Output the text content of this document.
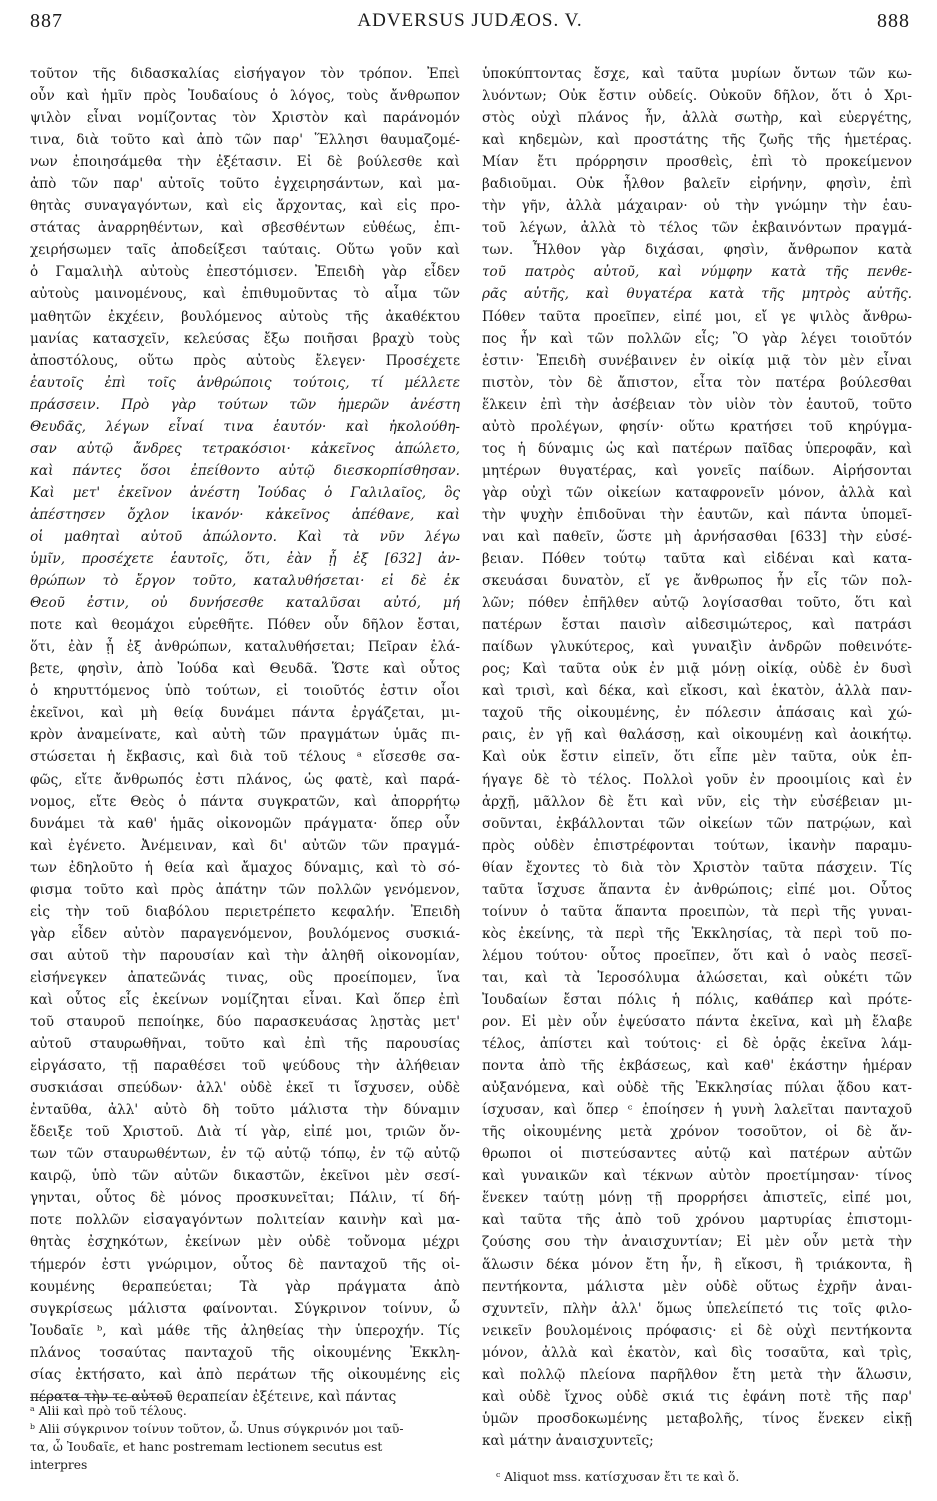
887	ADVERSUS JUDÆOS. V.	888

τοῦτον τῆς διδασκαλίας εἰσήγαγον τὸν τρόπον. Ἐπεὶ

οὖν καὶ ἡμῖν πρὸς Ἰουδαίους ὁ λόγος, τοὺς ἄνθρωπον

ψιλὸν εἶναι νομίζοντας τὸν Χριστὸν καὶ παράνομόν

τινα, διὰ τοῦτο καὶ ἀπὸ τῶν παρ' Ἕλλησι θαυμαζομέ-

νων ἐποιησάμεθα τὴν ἐξέτασιν. Εἰ δὲ βούλεσθε καὶ

ἀπὸ τῶν παρ' αὐτοῖς τοῦτο ἐγχειρησάντων, καὶ μα-

θητὰς συναγαγόντων, καὶ εἰς ἄρχοντας, καὶ εἰς προ-

στάτας ἀναρρηθέντων, καὶ σβεσθέντων εὐθέως, ἐπι-

χειρήσωμεν ταῖς ἀποδείξεσι ταύταις. Οὕτω γοῦν καὶ

ὁ Γαμαλιὴλ αὐτοὺς ἐπεστόμισεν. Ἐπειδὴ γὰρ εἶδεν

αὐτοὺς μαινομένους, καὶ ἐπιθυμοῦντας τὸ αἷμα τῶν

μαθητῶν ἐκχέειν, βουλόμενος αὐτοὺς τῆς ἀκαθέκτου

μανίας κατασχεῖν, κελεύσας ἔξω ποιῆσαι βραχὺ τοὺς

ἀποστόλους, οὕτω πρὸς αὐτοὺς ἔλεγεν· Προσέχετε

ἑαυτοῖς ἐπὶ τοῖς ἀνθρώποις τούτοις, τί μέλλετε

πράσσειν. Πρὸ γὰρ τούτων τῶν ἡμερῶν ἀνέστη

Θευδᾶς, λέγων εἶναί τινα ἑαυτόν· καὶ ἠκολούθη-

σαν αὐτῷ ἄνδρες τετρακόσιοι· κἀκεῖνος ἀπώλετο,

καὶ πάντες ὅσοι ἐπείθοντο αὐτῷ διεσκορπίσθησαν.

Καὶ μετ' ἐκεῖνον ἀνέστη Ἰούδας ὁ Γαλιλαῖος, ὃς

ἀπέστησεν ὄχλον ἱκανόν· κἀκεῖνος ἀπέθανε, καὶ

οἱ μαθηταὶ αὐτοῦ ἀπώλοντο. Καὶ τὰ νῦν λέγω

ὑμῖν, προσέχετε ἑαυτοῖς, ὅτι, ἐὰν ᾖ ἐξ [632] ἀν-

θρώπων τὸ ἔργον τοῦτο, καταλυθήσεται· εἰ δὲ ἐκ

Θεοῦ ἐστιν, οὐ δυνήσεσθε καταλῦσαι αὐτό, μή

ποτε καὶ θεομάχοι εὑρεθῆτε. Πόθεν οὖν δῆλον ἔσται,

ὅτι, ἐὰν ᾖ ἐξ ἀνθρώπων, καταλυθήσεται; Πεῖραν ἐλά-

βετε, φησὶν, ἀπὸ Ἰούδα καὶ Θευδᾶ. Ὥστε καὶ οὗτος

ὁ κηρυττόμενος ὑπὸ τούτων, εἰ τοιοῦτός ἐστιν οἷοι

ἐκεῖνοι, καὶ μὴ θείᾳ δυνάμει πάντα ἐργάζεται, μι-

κρὸν ἀναμείνατε, καὶ αὐτὴ τῶν πραγμάτων ὑμᾶς πι-

στώσεται ἡ ἔκβασις, καὶ διὰ τοῦ τέλους ᵃ εἴσεσθε σα-

φῶς, εἴτε ἄνθρωπός ἐστι πλάνος, ὡς φατὲ, καὶ παρά-

νομος, εἴτε Θεὸς ὁ πάντα συγκρατῶν, καὶ ἀπορρήτῳ

δυνάμει τὰ καθ' ἡμᾶς οἰκονομῶν πράγματα· ὅπερ οὖν

καὶ ἐγένετο. Ἀνέμειναν, καὶ δι' αὐτῶν τῶν πραγμά-

των ἐδηλοῦτο ἡ θεία καὶ ἄμαχος δύναμις, καὶ τὸ σό-

φισμα τοῦτο καὶ πρὸς ἀπάτην τῶν πολλῶν γενόμενον,

εἰς τὴν τοῦ διαβόλου περιετρέπετο κεφαλήν. Ἐπειδὴ

γὰρ εἶδεν αὐτὸν παραγενόμενον, βουλόμενος συσκιά-

σαι αὐτοῦ τὴν παρουσίαν καὶ τὴν ἀληθῆ οἰκονομίαν,

εἰσήνεγκεν ἀπατεῶνάς τινας, οὓς προείπομεν, ἵνα

καὶ οὗτος εἷς ἐκείνων νομίζηται εἶναι. Καὶ ὅπερ ἐπὶ

τοῦ σταυροῦ πεποίηκε, δύο παρασκευάσας λῃστὰς μετ'

αὐτοῦ σταυρωθῆναι, τοῦτο καὶ ἐπὶ τῆς παρουσίας

εἰργάσατο, τῇ παραθέσει τοῦ ψεύδους τὴν ἀλήθειαν

συσκιάσαι σπεύδων· ἀλλ' οὐδὲ ἐκεῖ τι ἴσχυσεν, οὐδὲ

ἐνταῦθα, ἀλλ' αὐτὸ δὴ τοῦτο μάλιστα τὴν δύναμιν

ἔδειξε τοῦ Χριστοῦ. Διὰ τί γὰρ, εἰπέ μοι, τριῶν ὄν-

των τῶν σταυρωθέντων, ἐν τῷ αὐτῷ τόπῳ, ἐν τῷ αὐτῷ

καιρῷ, ὑπὸ τῶν αὐτῶν δικαστῶν, ἐκεῖνοι μὲν σεσί-

γηνται, οὗτος δὲ μόνος προσκυνεῖται; Πάλιν, τί δή-

ποτε πολλῶν εἰσαγαγόντων πολιτείαν καινὴν καὶ μα-

θητὰς ἐσχηκότων, ἐκείνων μὲν οὐδὲ τοὔνομα μέχρι

τήμερόν ἐστι γνώριμον, οὗτος δὲ πανταχοῦ τῆς οἰ-

κουμένης θεραπεύεται; Τὰ γὰρ πράγματα ἀπὸ

συγκρίσεως μάλιστα φαίνονται. Σύγκρινον τοίνυν, ὦ

Ἰουδαῖε ᵇ, καὶ μάθε τῆς ἀληθείας τὴν ὑπεροχήν. Τίς

πλάνος τοσαύτας πανταχοῦ τῆς οἰκουμένης Ἐκκλη-

σίας ἐκτήσατο, καὶ ἀπὸ περάτων τῆς οἰκουμένης εἰς

πέρατα τὴν τε αὐτοῦ θεραπείαν ἐξέτεινε, καὶ πάντας

ὑποκύπτοντας ἔσχε, καὶ ταῦτα μυρίων ὄντων τῶν κω-

λυόντων; Οὐκ ἔστιν οὐδείς. Οὐκοῦν δῆλον, ὅτι ὁ Χρι-

στὸς οὐχὶ πλάνος ἦν, ἀλλὰ σωτὴρ, καὶ εὐεργέτης,

καὶ κηδεμὼν, καὶ προστάτης τῆς ζωῆς τῆς ἡμετέρας.

Μίαν ἔτι πρόρρησιν προσθεὶς, ἐπὶ τὸ προκείμενον

βαδιοῦμαι. Οὐκ ἦλθον βαλεῖν εἰρήνην, φησὶν, ἐπὶ

τὴν γῆν, ἀλλὰ μάχαιραν· οὐ τὴν γνώμην τὴν ἑαυ-

τοῦ λέγων, ἀλλὰ τὸ τέλος τῶν ἐκβαινόντων πραγμά-

των. Ἦλθον γὰρ διχάσαι, φησὶν, ἄνθρωπον κατὰ

τοῦ πατρὸς αὐτοῦ, καὶ νύμφην κατὰ τῆς πενθε-

ρᾶς αὐτῆς, καὶ θυγατέρα κατὰ τῆς μητρὸς αὐτῆς.

Πόθεν ταῦτα προεῖπεν, εἰπέ μοι, εἴ γε ψιλὸς ἄνθρω-

πος ἦν καὶ τῶν πολλῶν εἷς; Ὃ γὰρ λέγει τοιοῦτόν

ἐστιν· Ἐπειδὴ συνέβαινεν ἐν οἰκίᾳ μιᾷ τὸν μὲν εἶναι

πιστὸν, τὸν δὲ ἄπιστον, εἶτα τὸν πατέρα βούλεσθαι

ἕλκειν ἐπὶ τὴν ἀσέβειαν τὸν υἱὸν τὸν ἑαυτοῦ, τοῦτο

αὐτὸ προλέγων, φησίν· οὕτω κρατήσει τοῦ κηρύγμα-

τος ἡ δύναμις ὡς καὶ πατέρων παῖδας ὑπεροφᾶν, καὶ

μητέρων θυγατέρας, καὶ γονεῖς παίδων. Αἱρήσονται

γὰρ οὐχὶ τῶν οἰκείων καταφρονεῖν μόνον, ἀλλὰ καὶ

τὴν ψυχὴν ἐπιδοῦναι τὴν ἑαυτῶν, καὶ πάντα ὑπομεῖ-

ναι καὶ παθεῖν, ὥστε μὴ ἀρνήσασθαι [633] τὴν εὐσέ-

βειαν. Πόθεν τούτῳ ταῦτα καὶ εἰδέναι καὶ κατα-

σκευάσαι δυνατὸν, εἴ γε ἄνθρωπος ἦν εἷς τῶν πολ-

λῶν; πόθεν ἐπῆλθεν αὐτῷ λογίσασθαι τοῦτο, ὅτι καὶ

πατέρων ἔσται παισὶν αἰδεσιμώτερος, καὶ πατράσι

παίδων γλυκύτερος, καὶ γυναιξὶν ἀνδρῶν ποθεινότε-

ρος; Καὶ ταῦτα οὐκ ἐν μιᾷ μόνῃ οἰκίᾳ, οὐδὲ ἐν δυσὶ

καὶ τρισὶ, καὶ δέκα, καὶ εἴκοσι, καὶ ἑκατὸν, ἀλλὰ παν-

ταχοῦ τῆς οἰκουμένης, ἐν πόλεσιν ἁπάσαις καὶ χώ-

ραις, ἐν γῇ καὶ θαλάσσῃ, καὶ οἰκουμένῃ καὶ ἀοικήτῳ.

Καὶ οὐκ ἔστιν εἰπεῖν, ὅτι εἶπε μὲν ταῦτα, οὐκ ἐπ-

ήγαγε δὲ τὸ τέλος. Πολλοὶ γοῦν ἐν προοιμίοις καὶ ἐν

ἀρχῇ, μᾶλλον δὲ ἔτι καὶ νῦν, εἰς τὴν εὐσέβειαν μι-

σοῦνται, ἐκβάλλονται τῶν οἰκείων τῶν πατρῴων, καὶ

πρὸς οὐδὲν ἐπιστρέφονται τούτων, ἱκανὴν παραμυ-

θίαν ἔχοντες τὸ διὰ τὸν Χριστὸν ταῦτα πάσχειν. Τίς

ταῦτα ἴσχυσε ἅπαντα ἐν ἀνθρώποις; εἰπέ μοι. Οὗτος

τοίνυν ὁ ταῦτα ἅπαντα προειπὼν, τὰ περὶ τῆς γυναι-

κὸς ἐκείνης, τὰ περὶ τῆς Ἐκκλησίας, τὰ περὶ τοῦ πο-

λέμου τούτου· οὗτος προεῖπεν, ὅτι καὶ ὁ ναὸς πεσεῖ-

ται, καὶ τὰ Ἱεροσόλυμα ἁλώσεται, καὶ οὐκέτι τῶν

Ἰουδαίων ἔσται πόλις ἡ πόλις, καθάπερ καὶ πρότε-

ρον. Εἰ μὲν οὖν ἐψεύσατο πάντα ἐκεῖνα, καὶ μὴ ἔλαβε

τέλος, ἀπίστει καὶ τούτοις· εἰ δὲ ὁρᾷς ἐκεῖνα λάμ-

ποντα ἀπὸ τῆς ἐκβάσεως, καὶ καθ' ἑκάστην ἡμέραν

αὐξανόμενα, καὶ οὐδὲ τῆς Ἐκκλησίας πύλαι ᾅδου κατ-

ίσχυσαν, καὶ ὅπερ ᶜ ἐποίησεν ἡ γυνὴ λαλεῖται πανταχοῦ

τῆς οἰκουμένης μετὰ χρόνον τοσοῦτον, οἱ δὲ ἄν-

θρωποι οἱ πιστεύσαντες αὐτῷ καὶ πατέρων αὐτῶν

καὶ γυναικῶν καὶ τέκνων αὐτὸν προετίμησαν· τίνος

ἕνεκεν ταύτῃ μόνῃ τῇ προρρήσει ἀπιστεῖς, εἰπέ μοι,

καὶ ταῦτα τῆς ἀπὸ τοῦ χρόνου μαρτυρίας ἐπιστομι-

ζούσης σου τὴν ἀναισχυντίαν; Εἰ μὲν οὖν μετὰ τὴν

ἅλωσιν δέκα μόνον ἔτη ἦν, ἢ εἴκοσι, ἢ τριάκοντα, ἢ

πεντήκοντα, μάλιστα μὲν οὐδὲ οὕτως ἐχρῆν ἀναι-

σχυντεῖν, πλὴν ἀλλ' ὅμως ὑπελείπετό τις τοῖς φιλο-

νεικεῖν βουλομένοις πρόφασις· εἰ δὲ οὐχὶ πεντήκοντα

μόνον, ἀλλὰ καὶ ἑκατὸν, καὶ δὶς τοσαῦτα, καὶ τρὶς,

καὶ πολλῷ πλείονα παρῆλθον ἔτη μετὰ τὴν ἅλωσιν,

καὶ οὐδὲ ἴχνος οὐδὲ σκιά τις ἐφάνη ποτὲ τῆς παρ'

ὑμῶν προσδοκωμένης μεταβολῆς, τίνος ἕνεκεν εἰκῇ

καὶ μάτην ἀναισχυντεῖς;

ᵃ Alii καὶ πρὸ τοῦ τέλους.

ᵇ Alii σύγκρινον τοίνυν τοῦτον, ὦ. Unus σύγκρινόν μοι ταῦ-

τα, ὦ Ἰουδαῖε, et hanc postremam lectionem secutus est

interpres

ᶜ Aliquot mss. κατίσχυσαν ἔτι τε καὶ ὅ.
